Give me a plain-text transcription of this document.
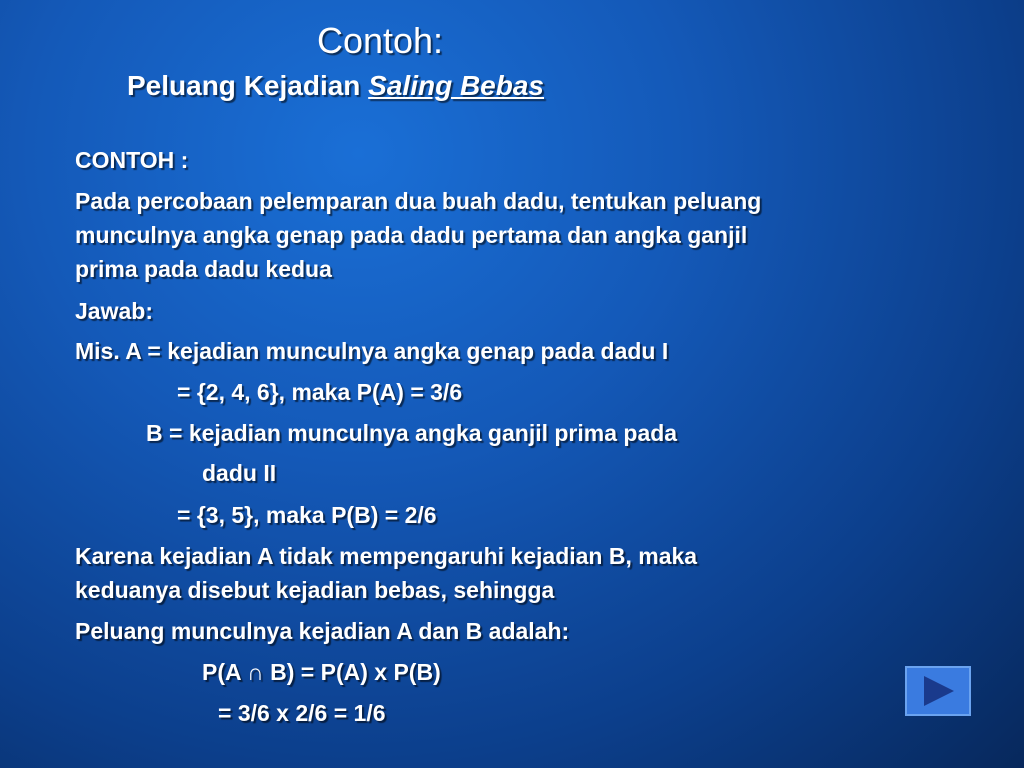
Contoh:
Peluang Kejadian Saling Bebas
CONTOH :
Pada percobaan pelemparan dua buah dadu, tentukan peluang
munculnya angka genap pada dadu pertama dan angka ganjil
prima pada dadu kedua
Jawab:
Mis. A = kejadian munculnya angka genap pada dadu I
= {2, 4, 6}, maka P(A) = 3/6
B = kejadian munculnya angka ganjil prima pada
dadu II
= {3, 5}, maka P(B) = 2/6
Karena kejadian A tidak mempengaruhi kejadian B, maka
keduanya disebut kejadian bebas, sehingga
Peluang munculnya kejadian A dan B adalah:
P(A ∩ B) = P(A) x P(B)
= 3/6 x 2/6 = 1/6
